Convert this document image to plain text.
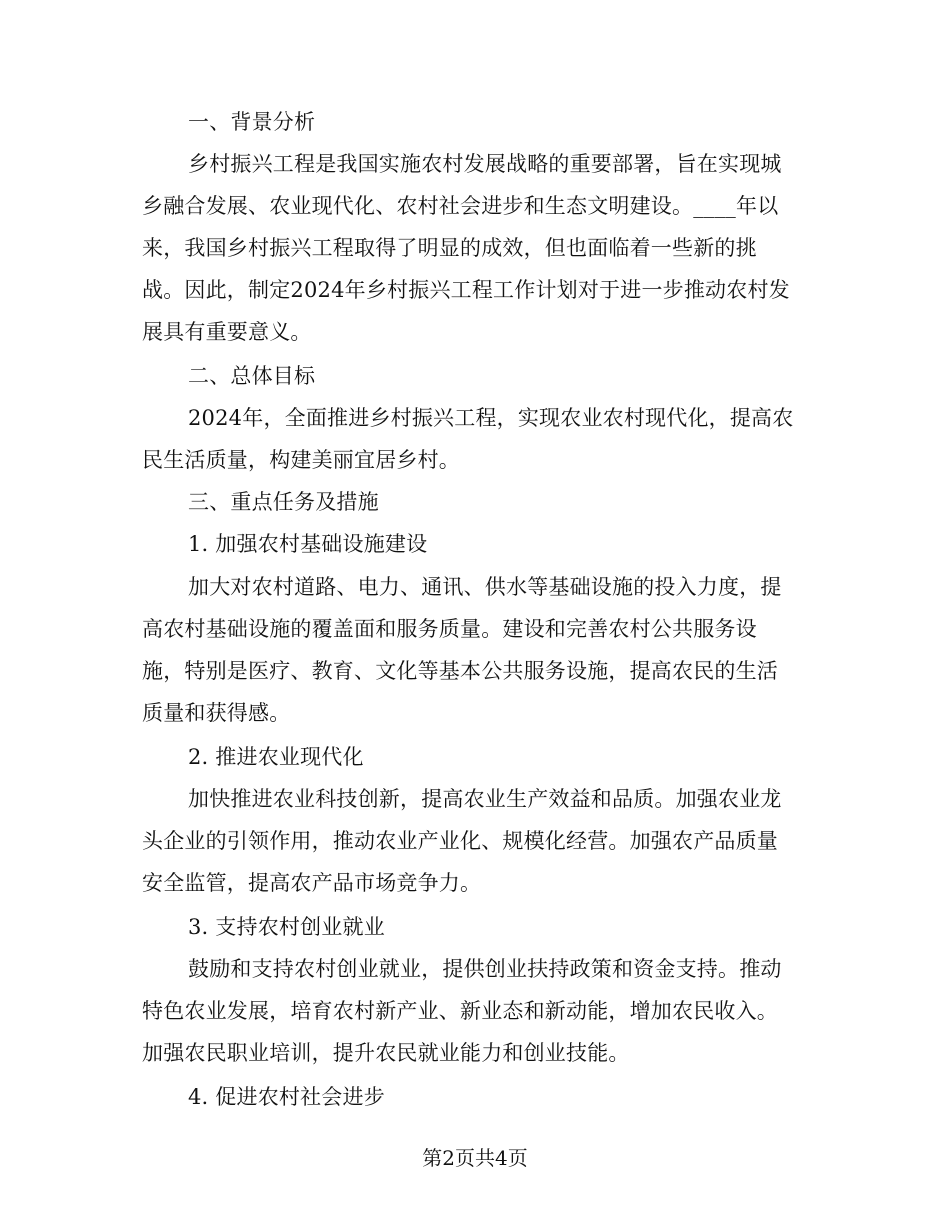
一、背景分析
乡村振兴工程是我国实施农村发展战略的重要部署，旨在实现城
乡融合发展、农业现代化、农村社会进步和生态文明建设。____年以
来，我国乡村振兴工程取得了明显的成效，但也面临着一些新的挑
战。因此，制定2024年乡村振兴工程工作计划对于进一步推动农村发
展具有重要意义。
二、总体目标
2024年，全面推进乡村振兴工程，实现农业农村现代化，提高农
民生活质量，构建美丽宜居乡村。
三、重点任务及措施
1. 加强农村基础设施建设
加大对农村道路、电力、通讯、供水等基础设施的投入力度，提
高农村基础设施的覆盖面和服务质量。建设和完善农村公共服务设
施，特别是医疗、教育、文化等基本公共服务设施，提高农民的生活
质量和获得感。
2. 推进农业现代化
加快推进农业科技创新，提高农业生产效益和品质。加强农业龙
头企业的引领作用，推动农业产业化、规模化经营。加强农产品质量
安全监管，提高农产品市场竞争力。
3. 支持农村创业就业
鼓励和支持农村创业就业，提供创业扶持政策和资金支持。推动
特色农业发展，培育农村新产业、新业态和新动能，增加农民收入。
加强农民职业培训，提升农民就业能力和创业技能。
4. 促进农村社会进步
第2页共4页
